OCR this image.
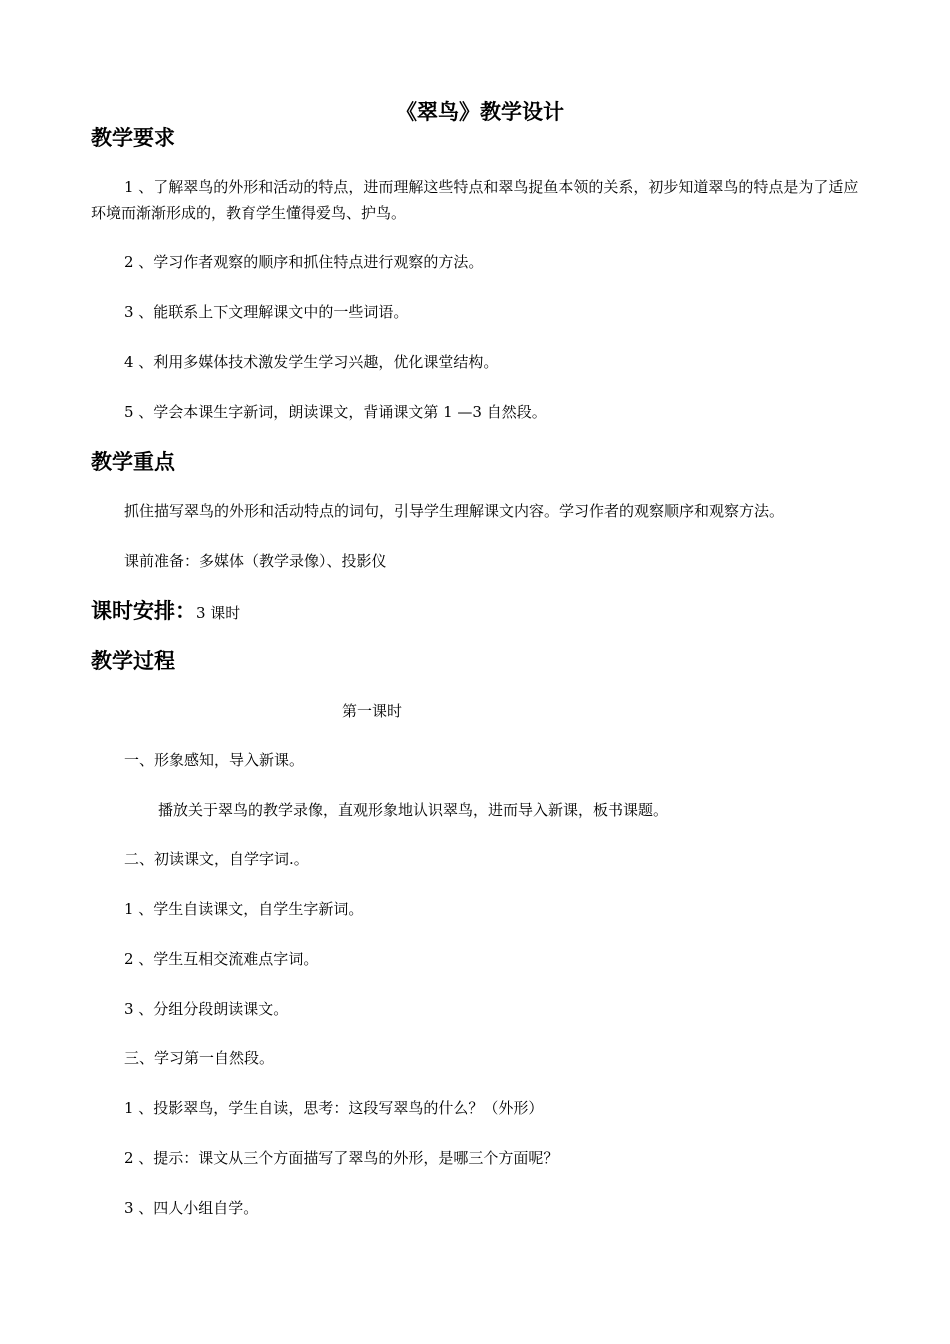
《翠鸟》教学设计
教学要求

1 、了解翠鸟的外形和活动的特点，进而理解这些特点和翠鸟捉鱼本领的关系，初步知道翠鸟的特点是为了适应环境而渐渐形成的，教育学生懂得爱鸟、护鸟。

2 、学习作者观察的顺序和抓住特点进行观察的方法。

3 、能联系上下文理解课文中的一些词语。

4 、利用多媒体技术激发学生学习兴趣，优化课堂结构。

5 、学会本课生字新词，朗读课文，背诵课文第 1 —3 自然段。

教学重点

抓住描写翠鸟的外形和活动特点的词句，引导学生理解课文内容。学习作者的观察顺序和观察方法。

课前准备：多媒体（教学录像）、投影仪

课时安排：3 课时
教学过程

第一课时

一、形象感知，导入新课。

播放关于翠鸟的教学录像，直观形象地认识翠鸟，进而导入新课，板书课题。

二、初读课文，自学字词.。

1 、学生自读课文，自学生字新词。

2 、学生互相交流难点字词。

3 、分组分段朗读课文。

三、学习第一自然段。

1 、投影翠鸟，学生自读，思考：这段写翠鸟的什么？（外形）

2 、提示：课文从三个方面描写了翠鸟的外形，是哪三个方面呢？

3 、四人小组自学。
